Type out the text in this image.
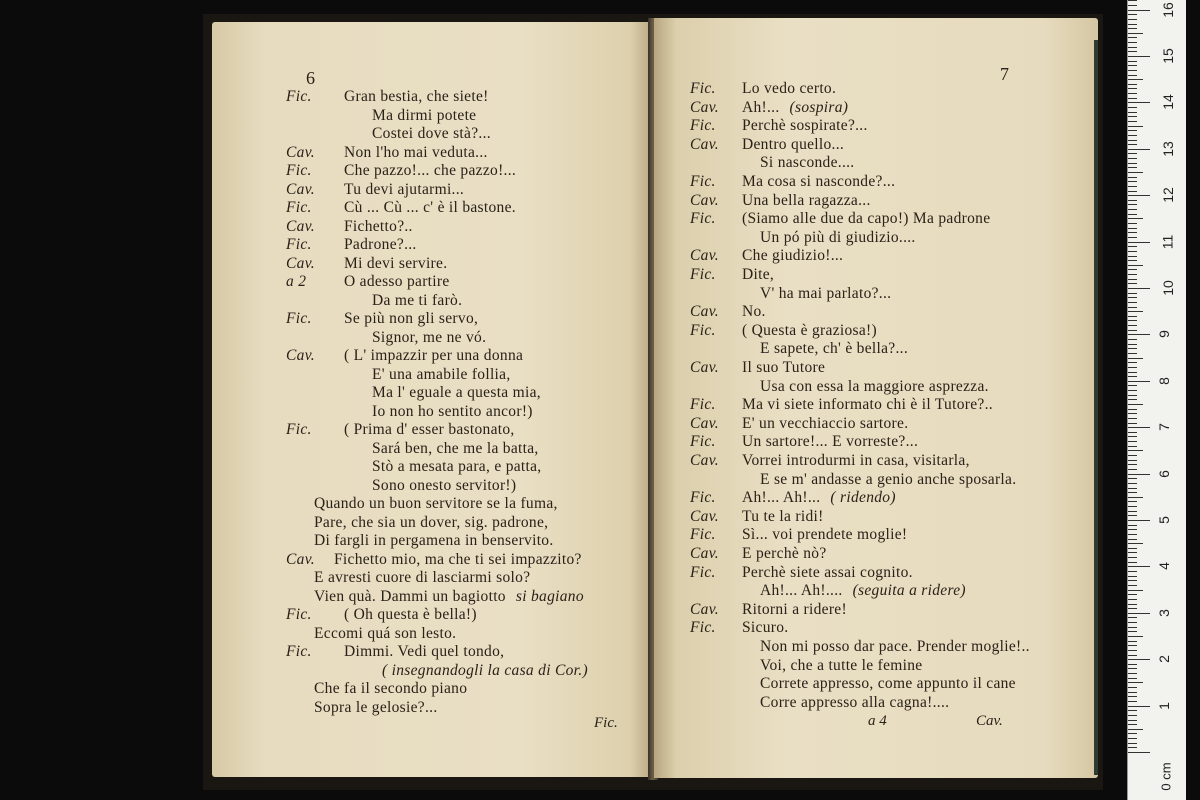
6
Fic.
Fic. Gran bestia, che siete!
Ma dirmi potete
Costei dove stà?...
Cav. Non l'ho mai veduta...
Fic. Che pazzo!... che pazzo!...
Cav. Tu devi ajutarmi...
Fic. Cù ... Cù ... c' è il bastone.
Cav. Fichetto?..
Fic. Padrone?...
Cav. Mi devi servire.
a 2 O adesso partire
Da me ti farò.
Fic. Se più non gli servo,
Signor, me ne vó.
Cav. ( L' impazzir per una donna
E' una amabile follia,
Ma l' eguale a questa mia,
Io non ho sentito ancor!)
Fic. ( Prima d' esser bastonato,
Sará ben, che me la batta,
Stò a mesata para, e patta,
Sono onesto servitor!)
Quando un buon servitore se la fuma,
Pare, che sia un dover, sig. padrone,
Di fargli in pergamena in benservito.
Cav. Fichetto mio, ma che ti sei impazzito?
E avresti cuore di lasciarmi solo?
Vien quà. Dammi un bagiotto si bagiano
Fic. ( Oh questa è bella!)
Eccomi quá son lesto.
Fic. Dimmi. Vedi quel tondo,
( insegnandogli la casa di Cor.)
Che fa il secondo piano
Sopra le gelosie?...
7
a 4	Cav.
Fic. Lo vedo certo.
Cav. Ah!... (sospira)
Fic. Perchè sospirate?...
Cav. Dentro quello...
Si nasconde....
Fic. Ma cosa si nasconde?...
Cav. Una bella ragazza...
Fic. (Siamo alle due da capo!) Ma padrone
Un pó più di giudizio....
Cav. Che giudizio!...
Fic. Dite,
V' ha mai parlato?...
Cav. No.
Fic. ( Questa è graziosa!)
E sapete, ch' è bella?...
Cav. Il suo Tutore
Usa con essa la maggiore asprezza.
Fic. Ma vi siete informato chi è il Tutore?..
Cav. E' un vecchiaccio sartore.
Fic. Un sartore!... E vorreste?...
Cav. Vorrei introdurmi in casa, visitarla,
E se m' andasse a genio anche sposarla.
Fic. Ah!... Ah!... ( ridendo)
Cav. Tu te la ridi!
Fic. Sì... voi prendete moglie!
Cav. E perchè nò?
Fic. Perchè siete assai cognito.
Ah!... Ah!.... (seguita a ridere)
Cav. Ritorni a ridere!
Fic. Sicuro.
Non mi posso dar pace. Prender moglie!..
Voi, che a tutte le femine
Correte appresso, come appunto il cane
Corre appresso alla cagna!....
0 cm
1
2
3
4
5
6
7
8
9
10
11
12
13
14
15
16
